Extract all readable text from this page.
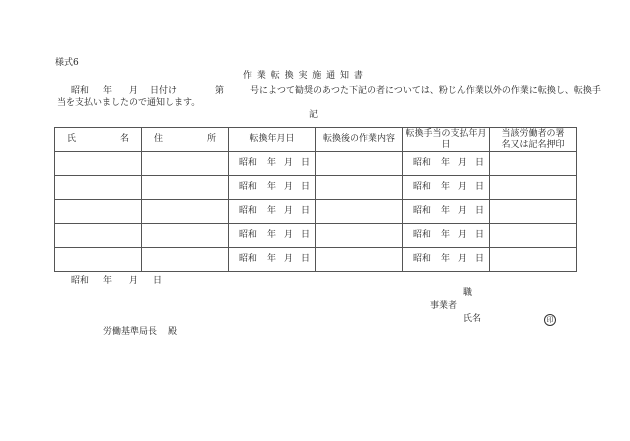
様式6
作 業 転 換 実 施 通 知 書
昭和 年 月 日付け	第	号によつて勧奨のあつた下記の者については、粉じん作業以外の作業に転換し、転換手
当を支払いましたので通知します。
記
氏 名	住 所	転換年月日	転換後の作業内容	転換手当の支払年月日	当該労働者の署
名又は記名押印
		昭和 年 月 日		昭和 年 月 日	
		昭和 年 月 日		昭和 年 月 日	
		昭和 年 月 日		昭和 年 月 日	
		昭和 年 月 日		昭和 年 月 日	
		昭和 年 月 日		昭和 年 月 日	
昭和 年 月 日
職
事業者
氏名	印
労働基準局長 殿
